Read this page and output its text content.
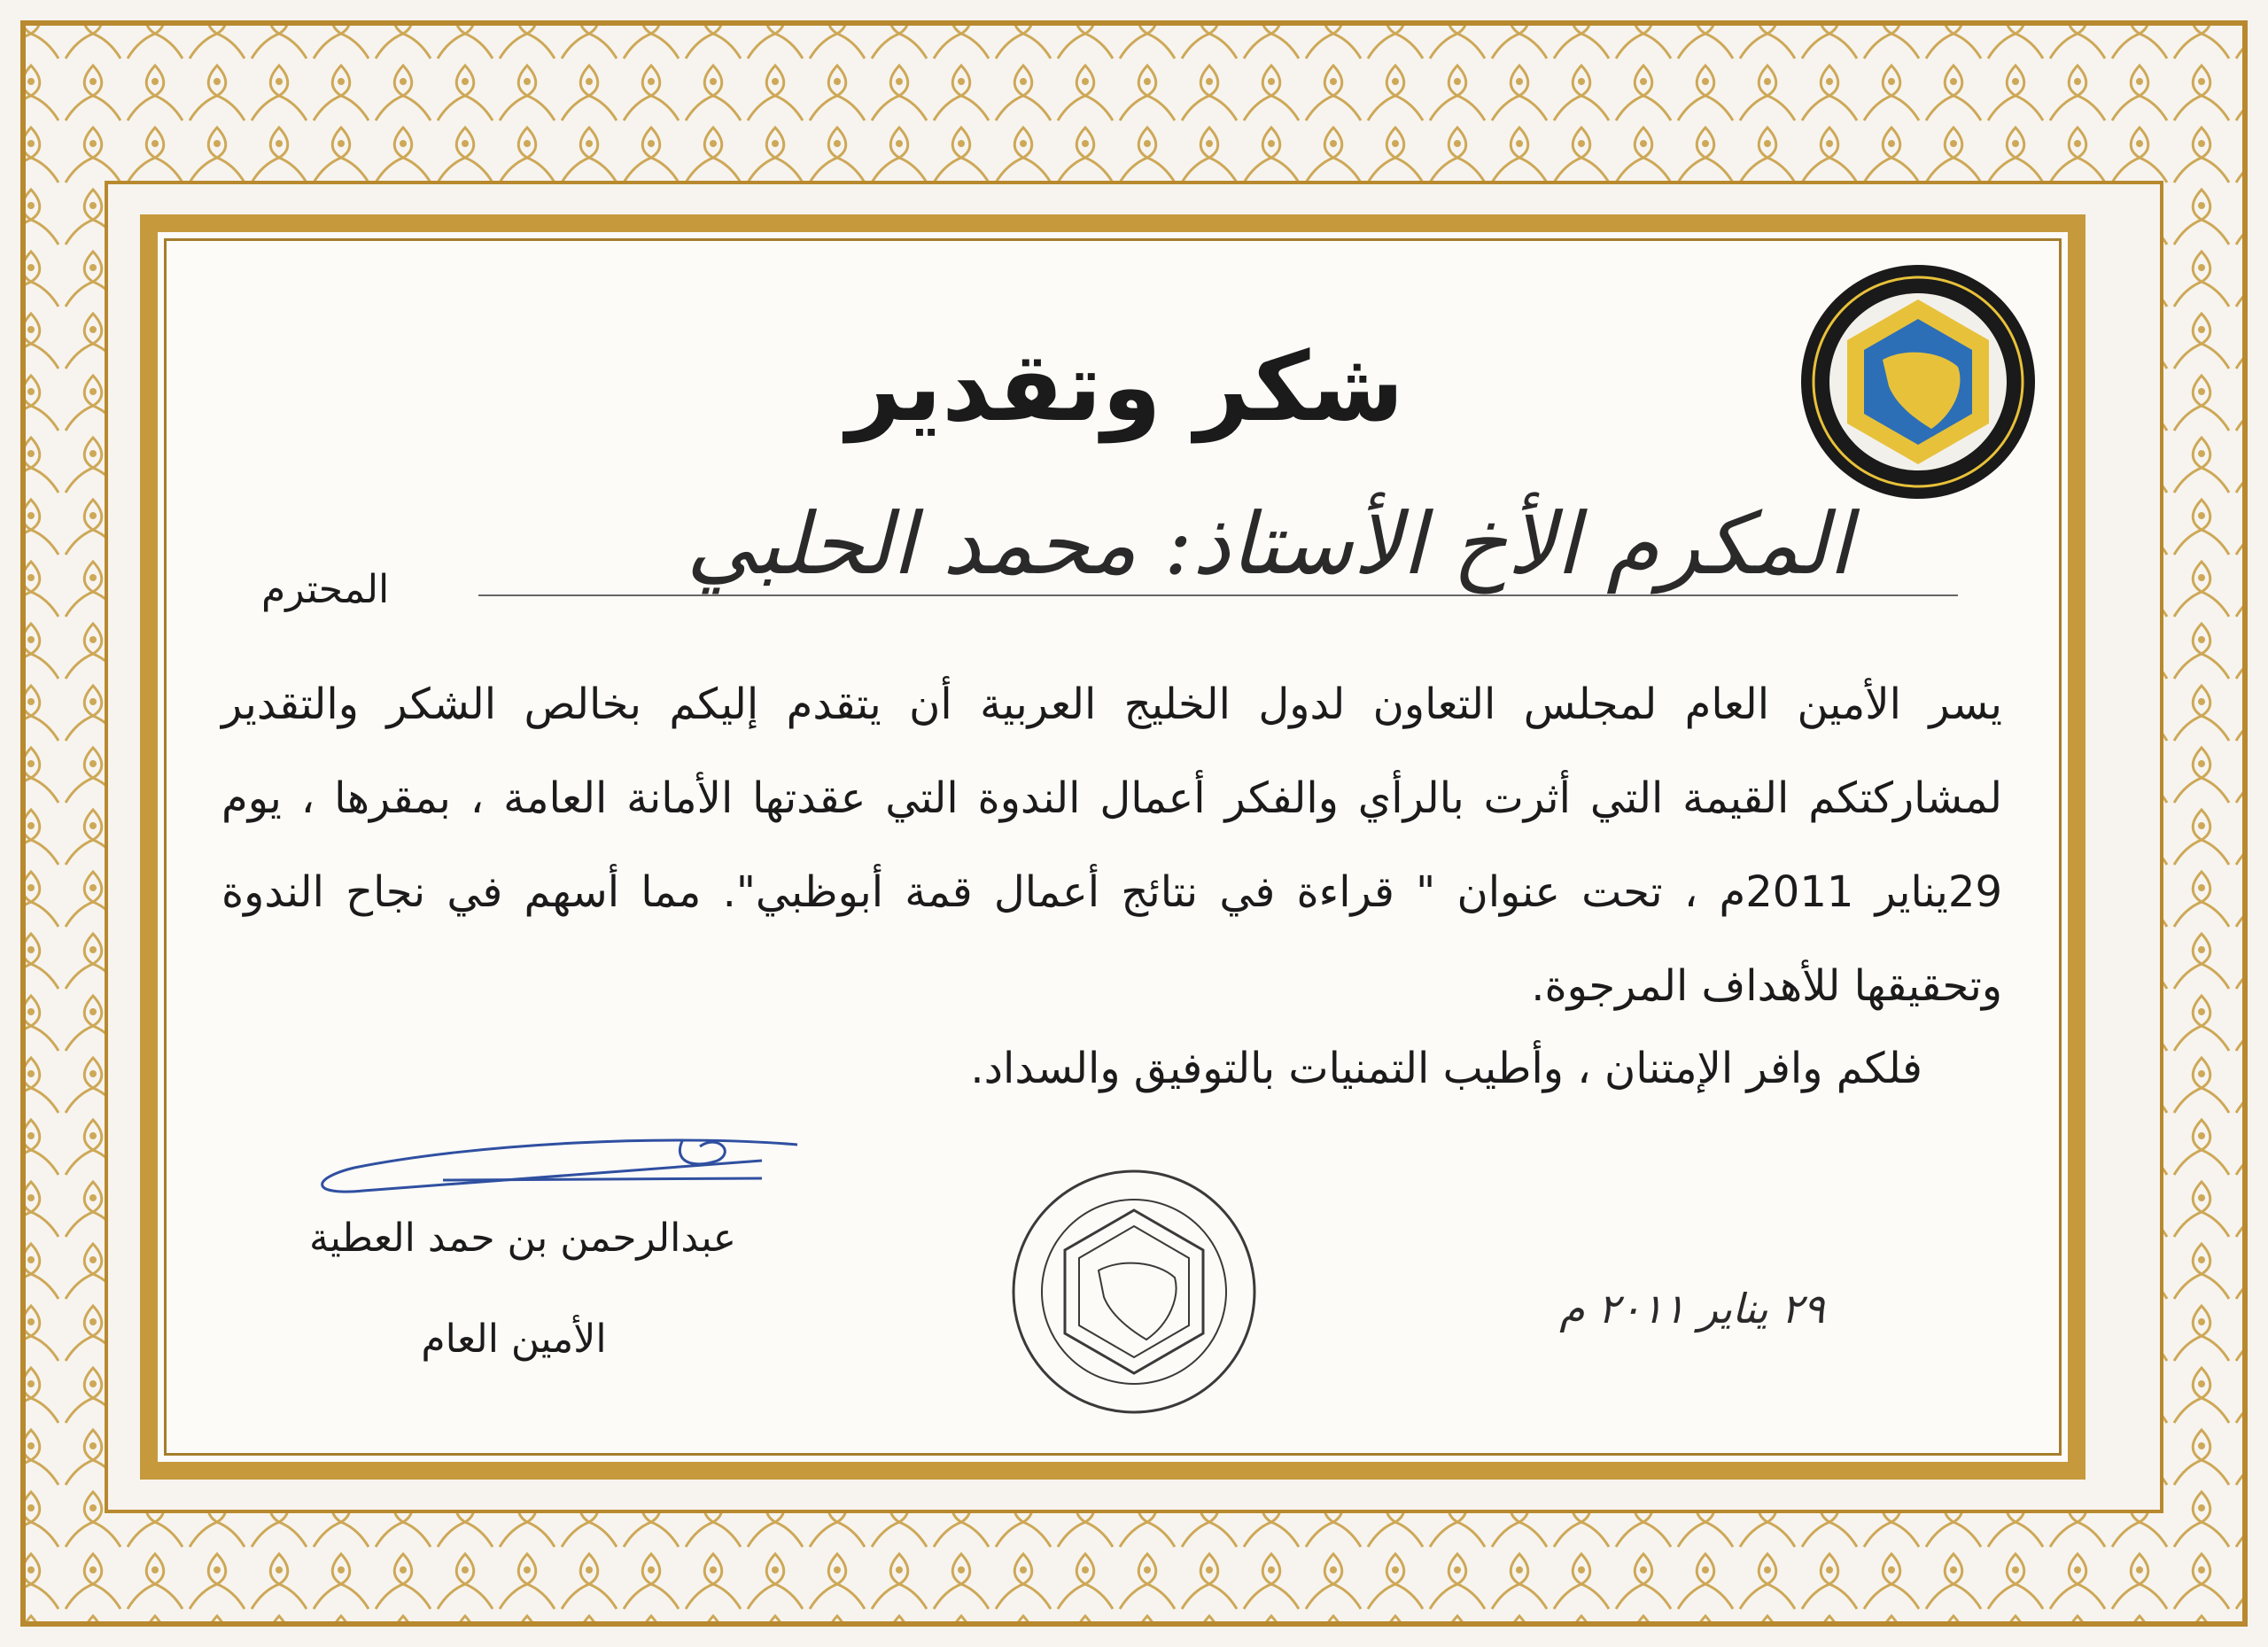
شكر وتقدير
المكرم الأخ الأستاذ: محمد الحلبي
المحترم
يسر الأمين العام لمجلس التعاون لدول الخليج العربية أن يتقدم إليكم بخالص الشكر والتقدير لمشاركتكم القيمة التي أثرت بالرأي والفكر أعمال الندوة التي عقدتها الأمانة العامة ، بمقرها ، يوم 29يناير 2011م ، تحت عنوان " قراءة في نتائج أعمال قمة أبوظبي". مما أسهم في نجاح الندوة وتحقيقها للأهداف المرجوة.
فلكم وافر الإمتنان ، وأطيب التمنيات بالتوفيق والسداد.
عبدالرحمن بن حمد العطية
الأمين العام
٢٩ يناير ٢٠١١ م
